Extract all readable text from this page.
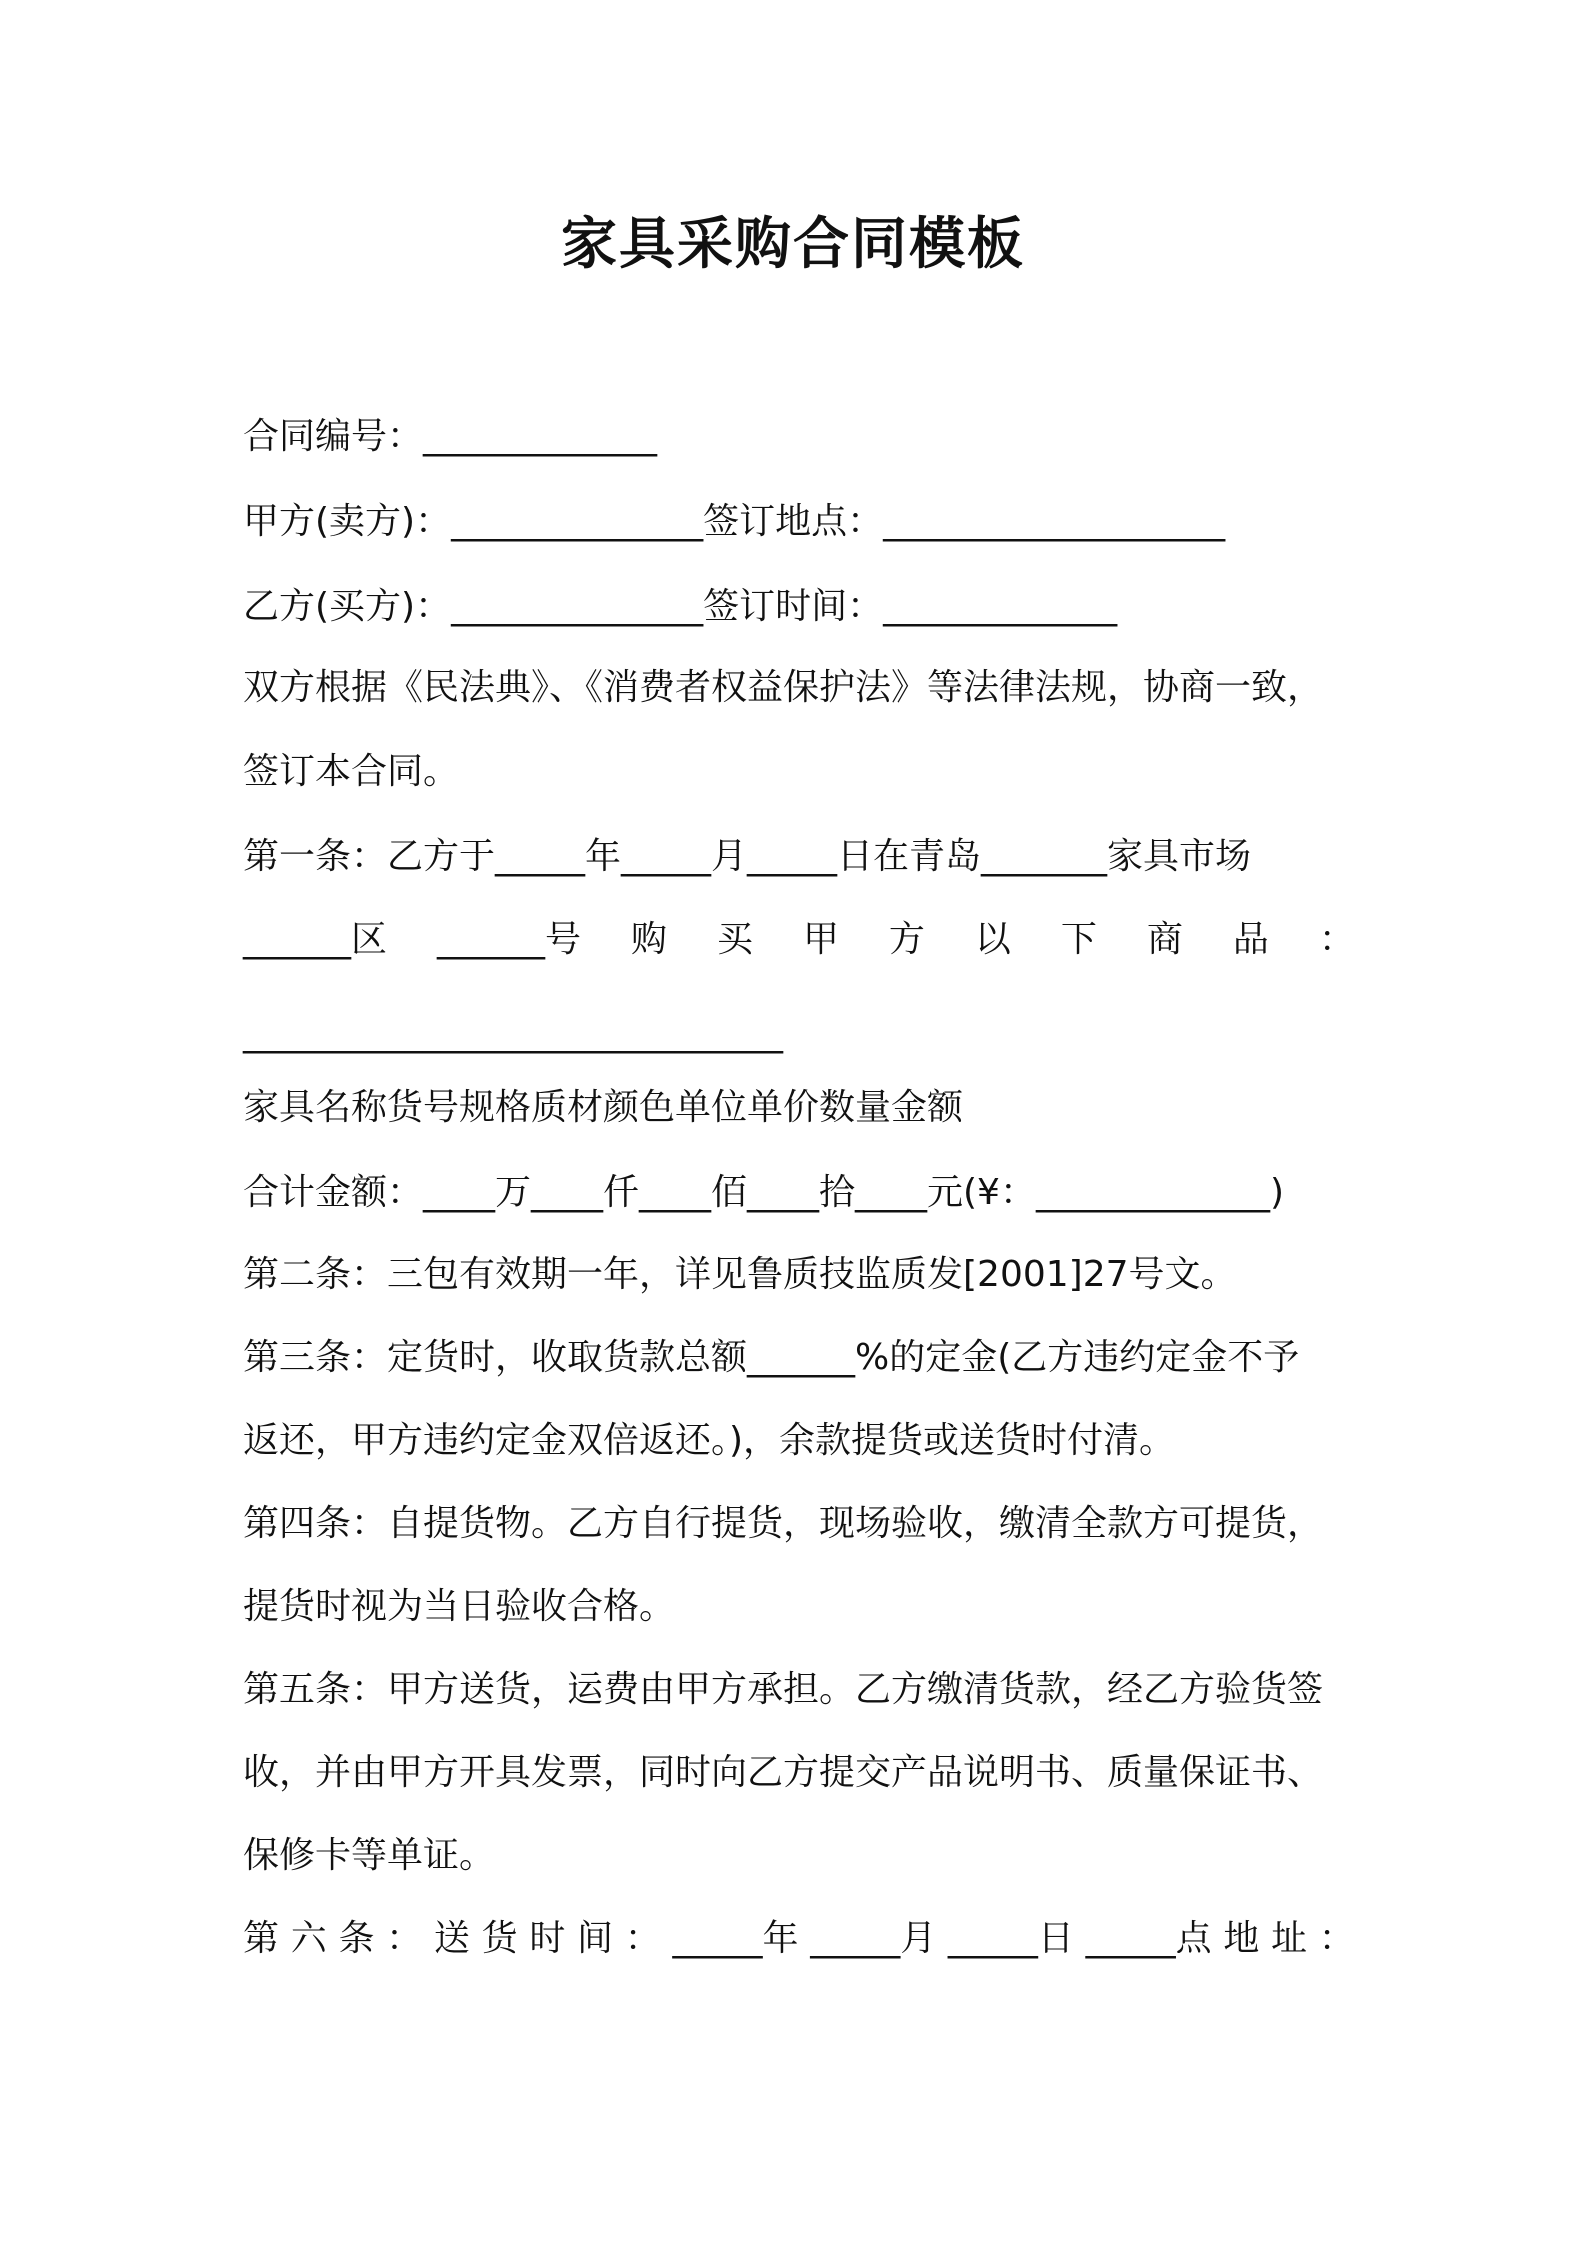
家具采购合同模板
合同编号：_____________
甲方(卖方)：______________签订地点：___________________
乙方(买方)：______________签订时间：_____________
双方根据《民法典》、《消费者权益保护法》等法律法规，协商一致，
签订本合同。
第一条：乙方于_____年_____月_____日在青岛_______家具市场
______区 ______号 购 买 甲 方 以 下 商 品 ：
______________________________
家具名称货号规格质材颜色单位单价数量金额
合计金额：____万____仟____佰____拾____元(¥：_____________)
第二条：三包有效期一年，详见鲁质技监质发[2001]27号文。
第三条：定货时，收取货款总额______%的定金(乙方违约定金不予
返还，甲方违约定金双倍返还。)，余款提货或送货时付清。
第四条：自提货物。乙方自行提货，现场验收，缴清全款方可提货，
提货时视为当日验收合格。
第五条：甲方送货，运费由甲方承担。乙方缴清货款，经乙方验货签
收，并由甲方开具发票，同时向乙方提交产品说明书、质量保证书、
保修卡等单证。
第 六 条 ： 送 货 时 间 ： _____年 _____月 _____日 _____点 地 址 ：
